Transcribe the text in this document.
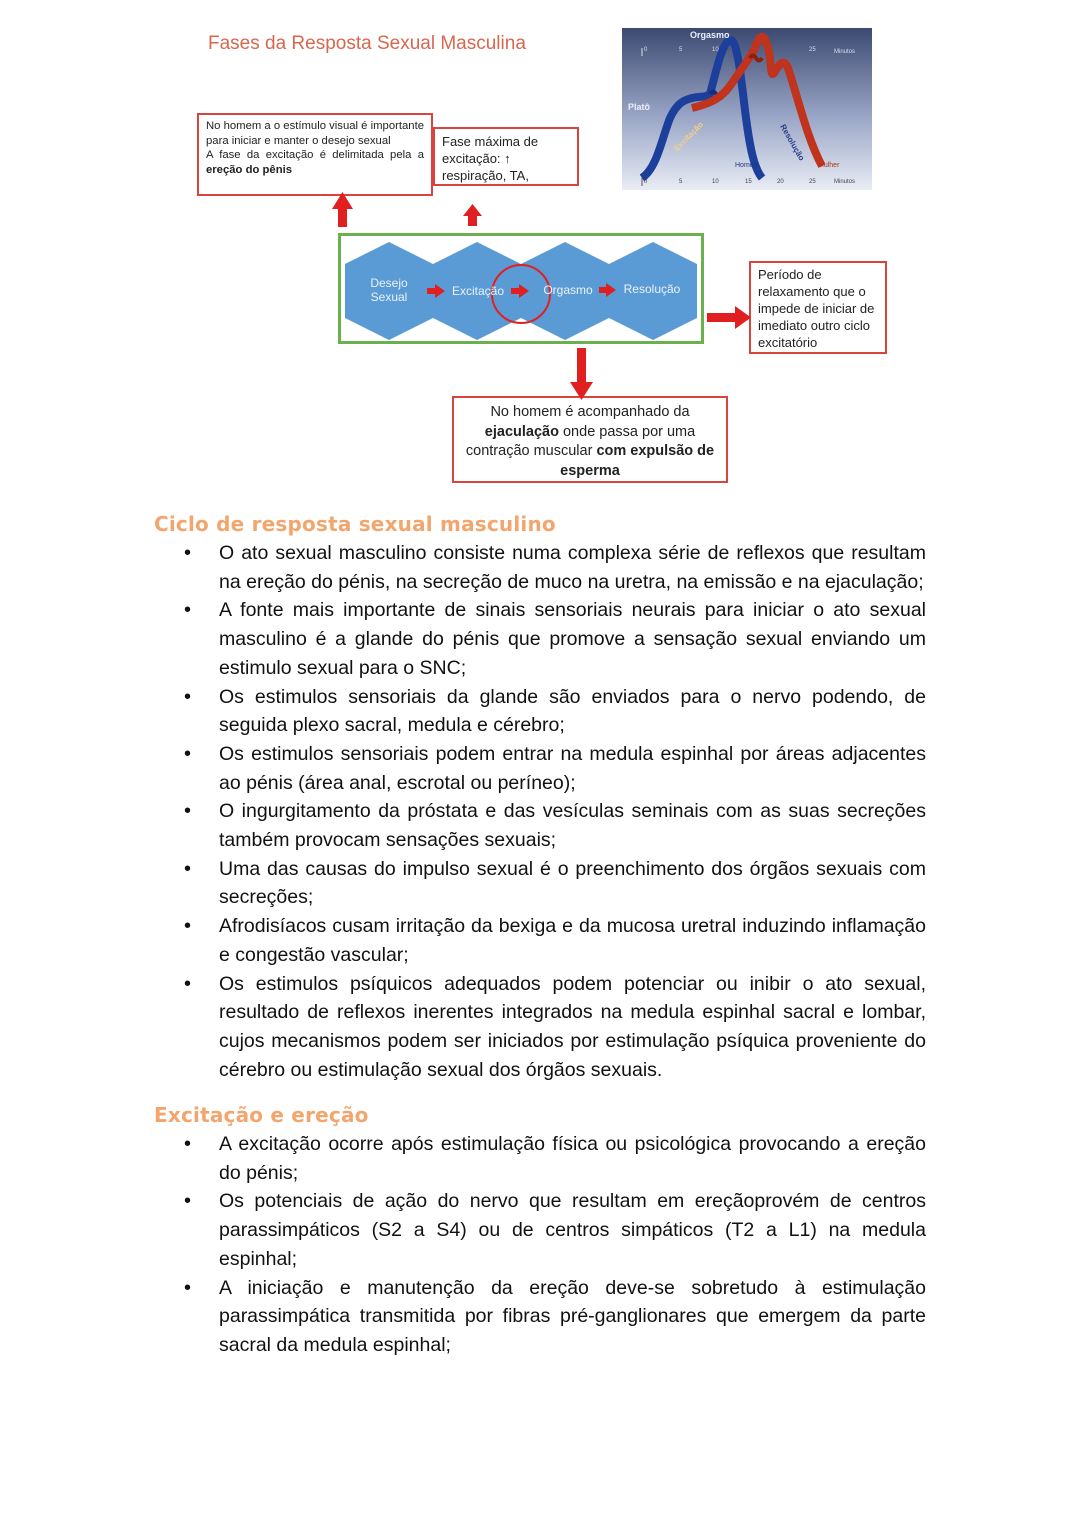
Fases da Resposta Sexual Masculina
No homem a o estímulo visual é importante para iniciar e manter o desejo sexual
A fase da excitação é delimitada pela a ereção do pênis
Fase máxima de excitação: ↑ respiração, TA,
Período de relaxamento que o impede de iniciar de imediato outro ciclo excitatório
No homem é acompanhado da ejaculação onde passa por uma contração muscular com expulsão de esperma
Desejo Sexual	Excitação	Orgasmo	Resolução
Orgasmo
Platô
Excitação	Resolução
Homem	Mulher
Minutos
Minutos
0	5	10	25
0	5	10	15	20	25
Ciclo de resposta sexual masculino
• O ato sexual masculino consiste numa complexa série de reflexos que resultam na ereção do pénis, na secreção de muco na uretra, na emissão e na ejaculação;
• A fonte mais importante de sinais sensoriais neurais para iniciar o ato sexual masculino é a glande do pénis que promove a sensação sexual enviando um estimulo sexual para o SNC;
• Os estimulos sensoriais da glande são enviados para o nervo podendo, de seguida plexo sacral, medula e cérebro;
• Os estimulos sensoriais podem entrar na medula espinhal por áreas adjacentes ao pénis (área anal, escrotal ou períneo);
• O ingurgitamento da próstata e das vesículas seminais com as suas secreções também provocam sensações sexuais;
• Uma das causas do impulso sexual é o preenchimento dos órgãos sexuais com secreções;
• Afrodisíacos cusam irritação da bexiga e da mucosa uretral induzindo inflamação e congestão vascular;
• Os estimulos psíquicos adequados podem potenciar ou inibir o ato sexual, resultado de reflexos inerentes integrados na medula espinhal sacral e lombar, cujos mecanismos podem ser iniciados por estimulação psíquica proveniente do cérebro ou estimulação sexual dos órgãos sexuais.
Excitação e ereção
• A excitação ocorre após estimulação física ou psicológica provocando a ereção do pénis;
• Os potenciais de ação do nervo que resultam em ereçãoprovém de centros parassimpáticos (S2 a S4) ou de centros simpáticos (T2 a L1) na medula espinhal;
• A iniciação e manutenção da ereção deve-se sobretudo à estimulação parassimpática transmitida por fibras pré-ganglionares que emergem da parte sacral da medula espinhal;
